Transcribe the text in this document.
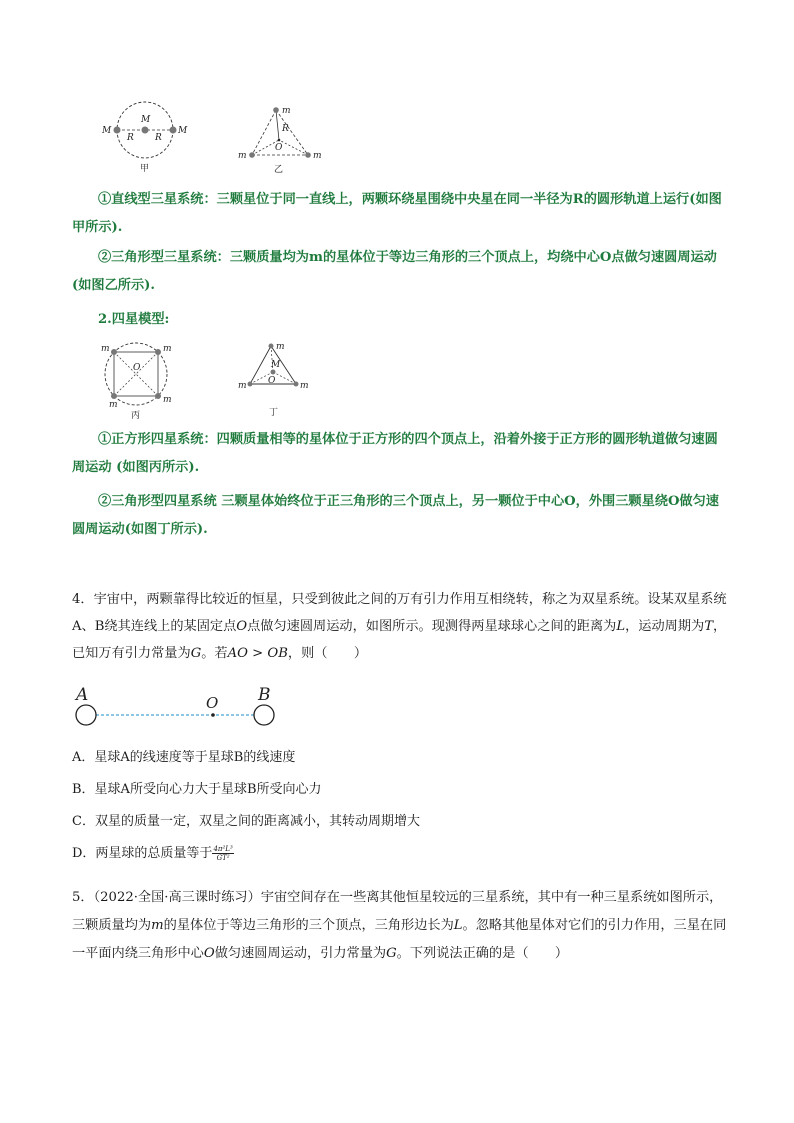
M
M
M
R R
甲
m
m	m
R
O
乙

①直线型三星系统：三颗星位于同一直线上，两颗环绕星围绕中央星在同一半径为R的圆形轨道上运行(如图甲所示).

②三角形型三星系统：三颗质量均为m的星体位于等边三角形的三个顶点上，均绕中心O点做匀速圆周运动(如图乙所示).

2.四星模型:

m	m
m	m
O
丙
m
m	m
M
O
丁

①正方形四星系统：四颗质量相等的星体位于正方形的四个顶点上，沿着外接于正方形的圆形轨道做匀速圆周运动 (如图丙所示).

②三角形型四星系统 三颗星体始终位于正三角形的三个顶点上，另一颗位于中心O，外围三颗星绕O做匀速圆周运动(如图丁所示).

4．宇宙中，两颗靠得比较近的恒星，只受到彼此之间的万有引力作用互相绕转，称之为双星系统。设某双星系统A、B绕其连线上的某固定点O点做匀速圆周运动，如图所示。现测得两星球球心之间的距离为L，运动周期为T，已知万有引力常量为G。若AO > OB，则（　　）

A	O B
A．星球A的线速度等于星球B的线速度
B．星球A所受向心力大于星球B所受向心力
C．双星的质量一定，双星之间的距离减小，其转动周期增大
D．两星球的总质量等于 $\frac{\text{4π²L³}}{\text{GT²}}$

5．（2022·全国·高三课时练习）宇宙空间存在一些离其他恒星较远的三星系统，其中有一种三星系统如图所示，三颗质量均为m的星体位于等边三角形的三个顶点，三角形边长为L。忽略其他星体对它们的引力作用，三星在同一平面内绕三角形中心O做匀速圆周运动，引力常量为G。下列说法正确的是（　　）
